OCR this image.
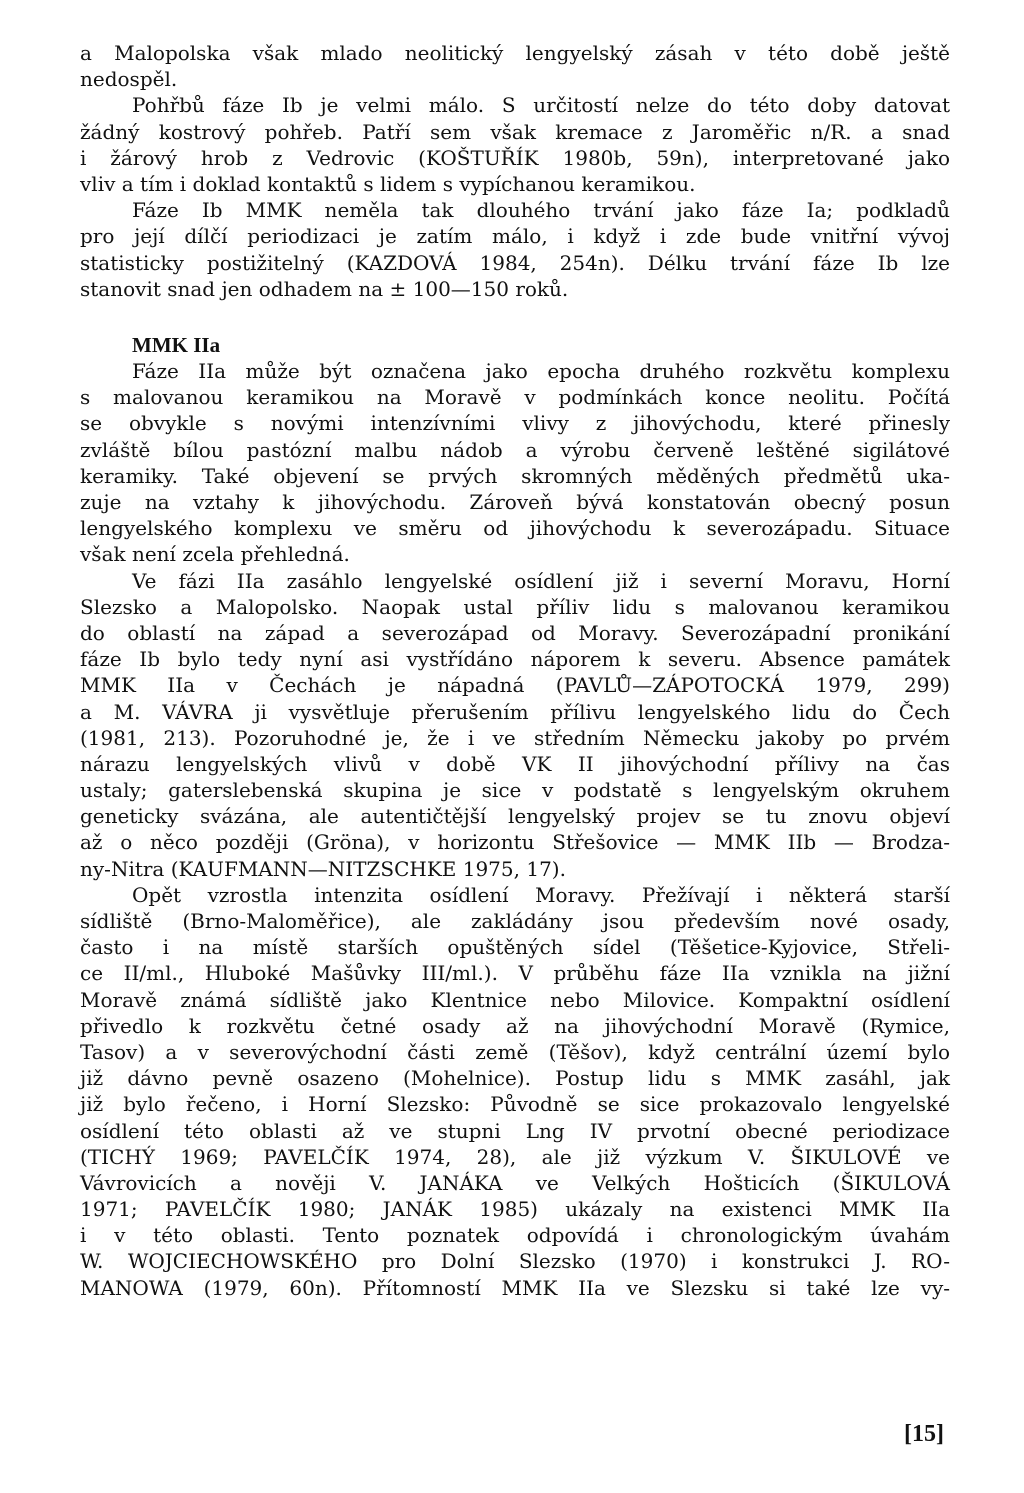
a Malopolska však mlado neolitický lengyelský zásah v této době ještě
nedospěl.
Pohřbů fáze Ib je velmi málo. S určitostí nelze do této doby datovat
žádný kostrový pohřeb. Patří sem však kremace z Jaroměřic n/R. a snad
i žárový hrob z Vedrovic (KOŠTUŘÍK 1980b, 59n), interpretované jako
vliv a tím i doklad kontaktů s lidem s vypíchanou keramikou.
Fáze Ib MMK neměla tak dlouhého trvání jako fáze Ia; podkladů
pro její dílčí periodizaci je zatím málo, i když i zde bude vnitřní vývoj
statisticky postižitelný (KAZDOVÁ 1984, 254n). Délku trvání fáze Ib lze
stanovit snad jen odhadem na ± 100—150 roků.
MMK IIa
Fáze IIa může být označena jako epocha druhého rozkvětu komplexu
s malovanou keramikou na Moravě v podmínkách konce neolitu. Počítá
se obvykle s novými intenzívními vlivy z jihovýchodu, které přinesly
zvláště bílou pastózní malbu nádob a výrobu červeně leštěné sigilátové
keramiky. Také objevení se prvých skromných měděných předmětů uka-
zuje na vztahy k jihovýchodu. Zároveň bývá konstatován obecný posun
lengyelského komplexu ve směru od jihovýchodu k severozápadu. Situace
však není zcela přehledná.
Ve fázi IIa zasáhlo lengyelské osídlení již i severní Moravu, Horní
Slezsko a Malopolsko. Naopak ustal příliv lidu s malovanou keramikou
do oblastí na západ a severozápad od Moravy. Severozápadní pronikání
fáze Ib bylo tedy nyní asi vystřídáno náporem k severu. Absence památek
MMK IIa v Čechách je nápadná (PAVLŮ—ZÁPOTOCKÁ 1979, 299)
a M. VÁVRA ji vysvětluje přerušením přílivu lengyelského lidu do Čech
(1981, 213). Pozoruhodné je, že i ve středním Německu jakoby po prvém
nárazu lengyelských vlivů v době VK II jihovýchodní přílivy na čas
ustaly; gaterslebenská skupina je sice v podstatě s lengyelským okruhem
geneticky svázána, ale autentičtější lengyelský projev se tu znovu objeví
až o něco později (Gröna), v horizontu Střešovice — MMK IIb — Brodza-
ny-Nitra (KAUFMANN—NITZSCHKE 1975, 17).
Opět vzrostla intenzita osídlení Moravy. Přežívají i některá starší
sídliště (Brno-Maloměřice), ale zakládány jsou především nové osady,
často i na místě starších opuštěných sídel (Těšetice-Kyjovice, Střeli-
ce II/ml., Hluboké Mašůvky III/ml.). V průběhu fáze IIa vznikla na jižní
Moravě známá sídliště jako Klentnice nebo Milovice. Kompaktní osídlení
přivedlo k rozkvětu četné osady až na jihovýchodní Moravě (Rymice,
Tasov) a v severovýchodní části země (Těšov), když centrální území bylo
již dávno pevně osazeno (Mohelnice). Postup lidu s MMK zasáhl, jak
již bylo řečeno, i Horní Slezsko: Původně se sice prokazovalo lengyelské
osídlení této oblasti až ve stupni Lng IV prvotní obecné periodizace
(TICHÝ 1969; PAVELČÍK 1974, 28), ale již výzkum V. ŠIKULOVÉ ve
Vávrovicích a nověji V. JANÁKA ve Velkých Hošticích (ŠIKULOVÁ
1971; PAVELČÍK 1980; JANÁK 1985) ukázaly na existenci MMK IIa
i v této oblasti. Tento poznatek odpovídá i chronologickým úvahám
W. WOJCIECHOWSKÉHO pro Dolní Slezsko (1970) i konstrukci J. RO-
MANOWA (1979, 60n). Přítomností MMK IIa ve Slezsku si také lze vy-
[15]
